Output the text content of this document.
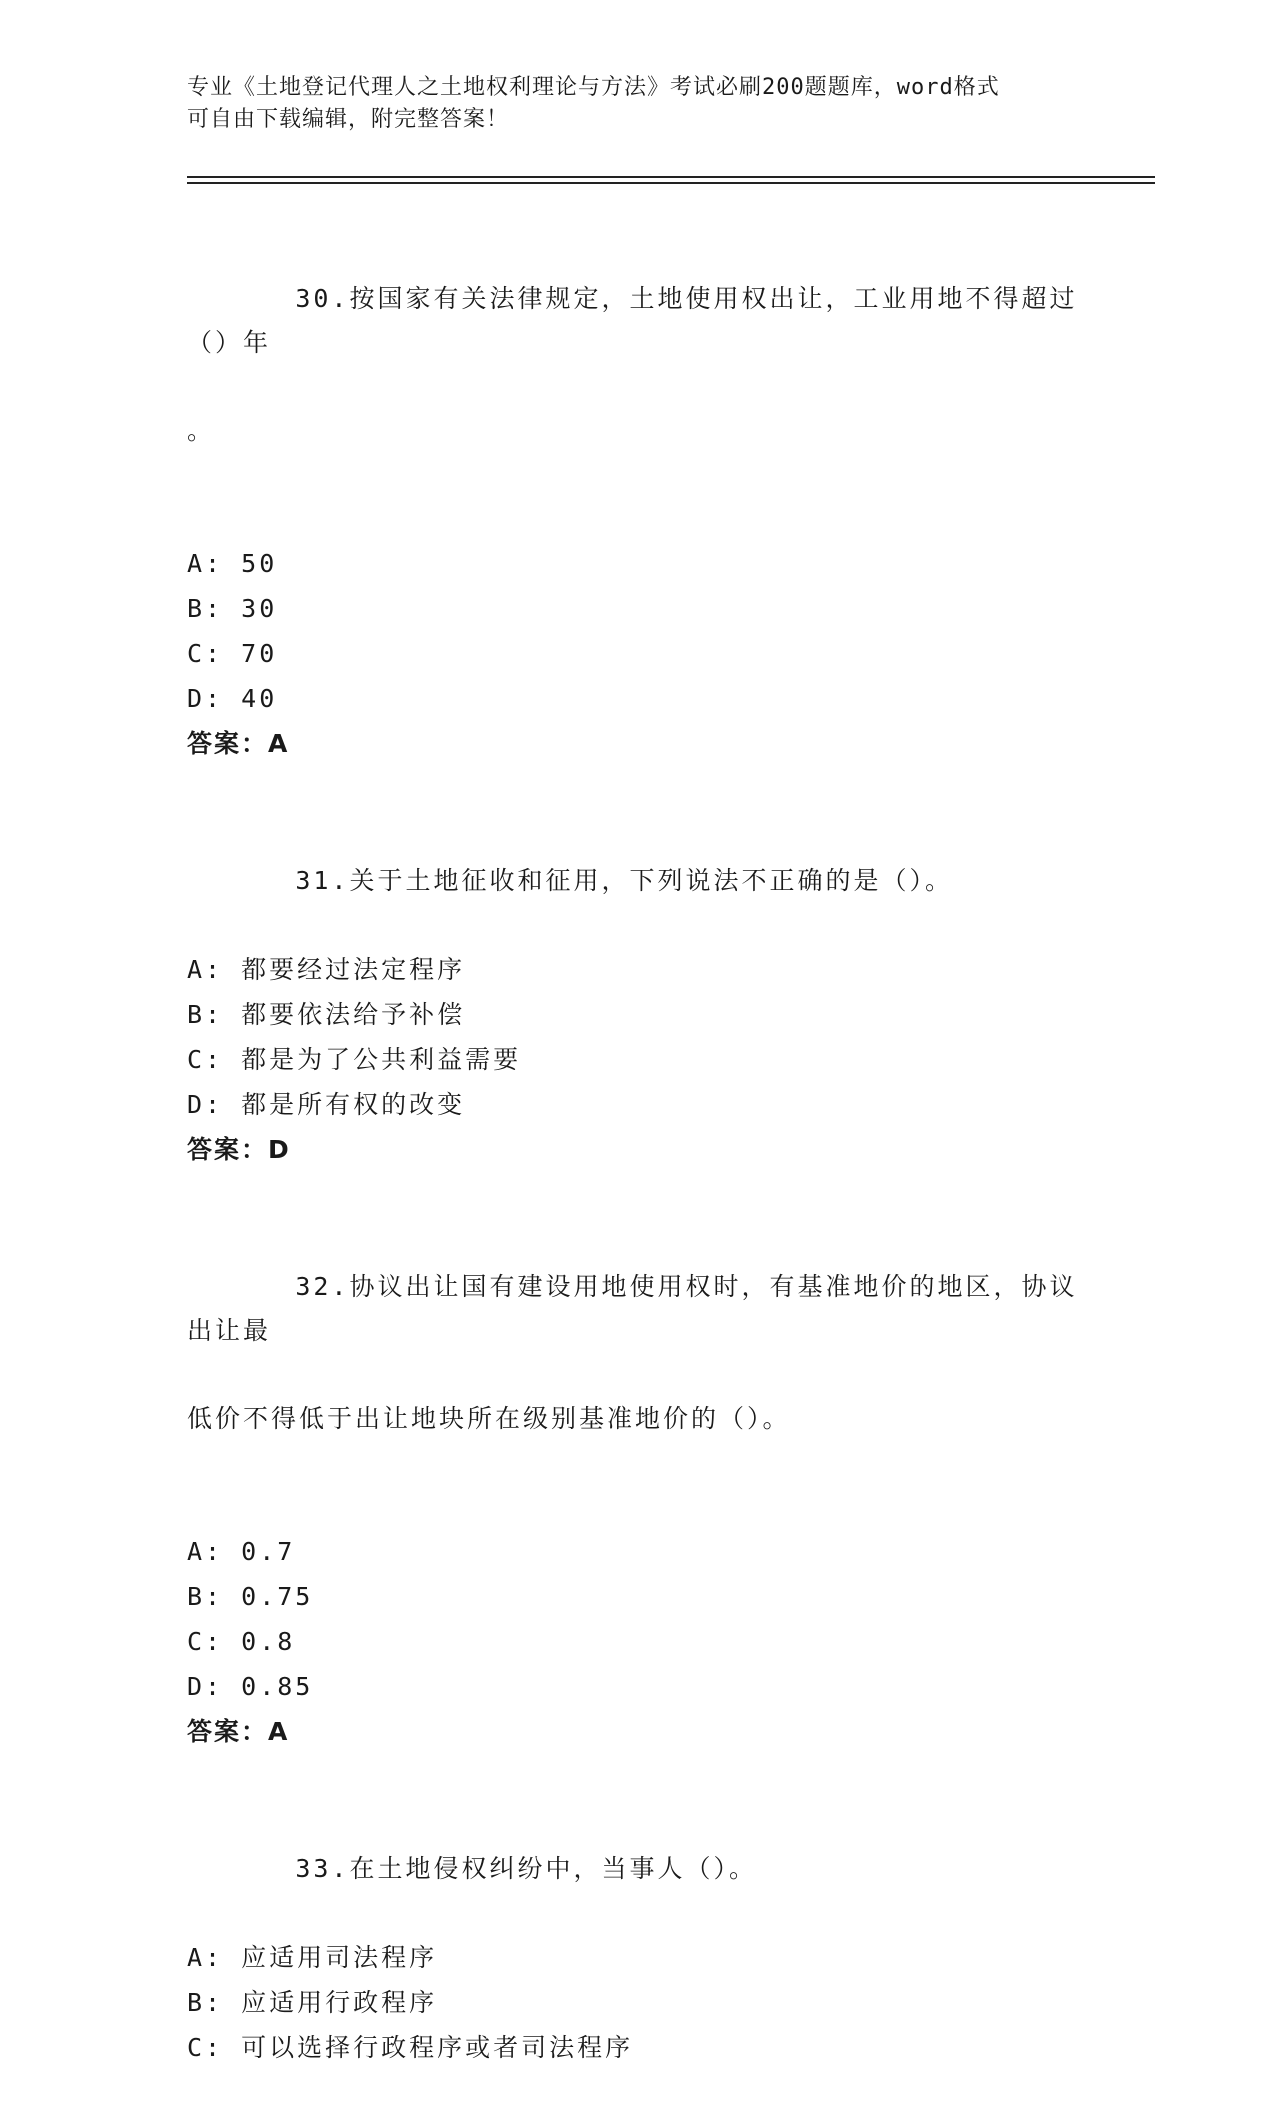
专业《土地登记代理人之土地权利理论与方法》考试必刷200题题库，word格式
可自由下载编辑，附完整答案！

30.按国家有关法律规定，土地使用权出让，工业用地不得超过（）年

。

A: 50
B: 30
C: 70
D: 40
答案：A

31.关于土地征收和征用，下列说法不正确的是（）。

A: 都要经过法定程序
B: 都要依法给予补偿
C: 都是为了公共利益需要
D: 都是所有权的改变
答案：D

32.协议出让国有建设用地使用权时，有基准地价的地区，协议出让最

低价不得低于出让地块所在级别基准地价的（）。

A: 0.7
B: 0.75
C: 0.8
D: 0.85
答案：A

33.在土地侵权纠纷中，当事人（）。

A: 应适用司法程序
B: 应适用行政程序
C: 可以选择行政程序或者司法程序
